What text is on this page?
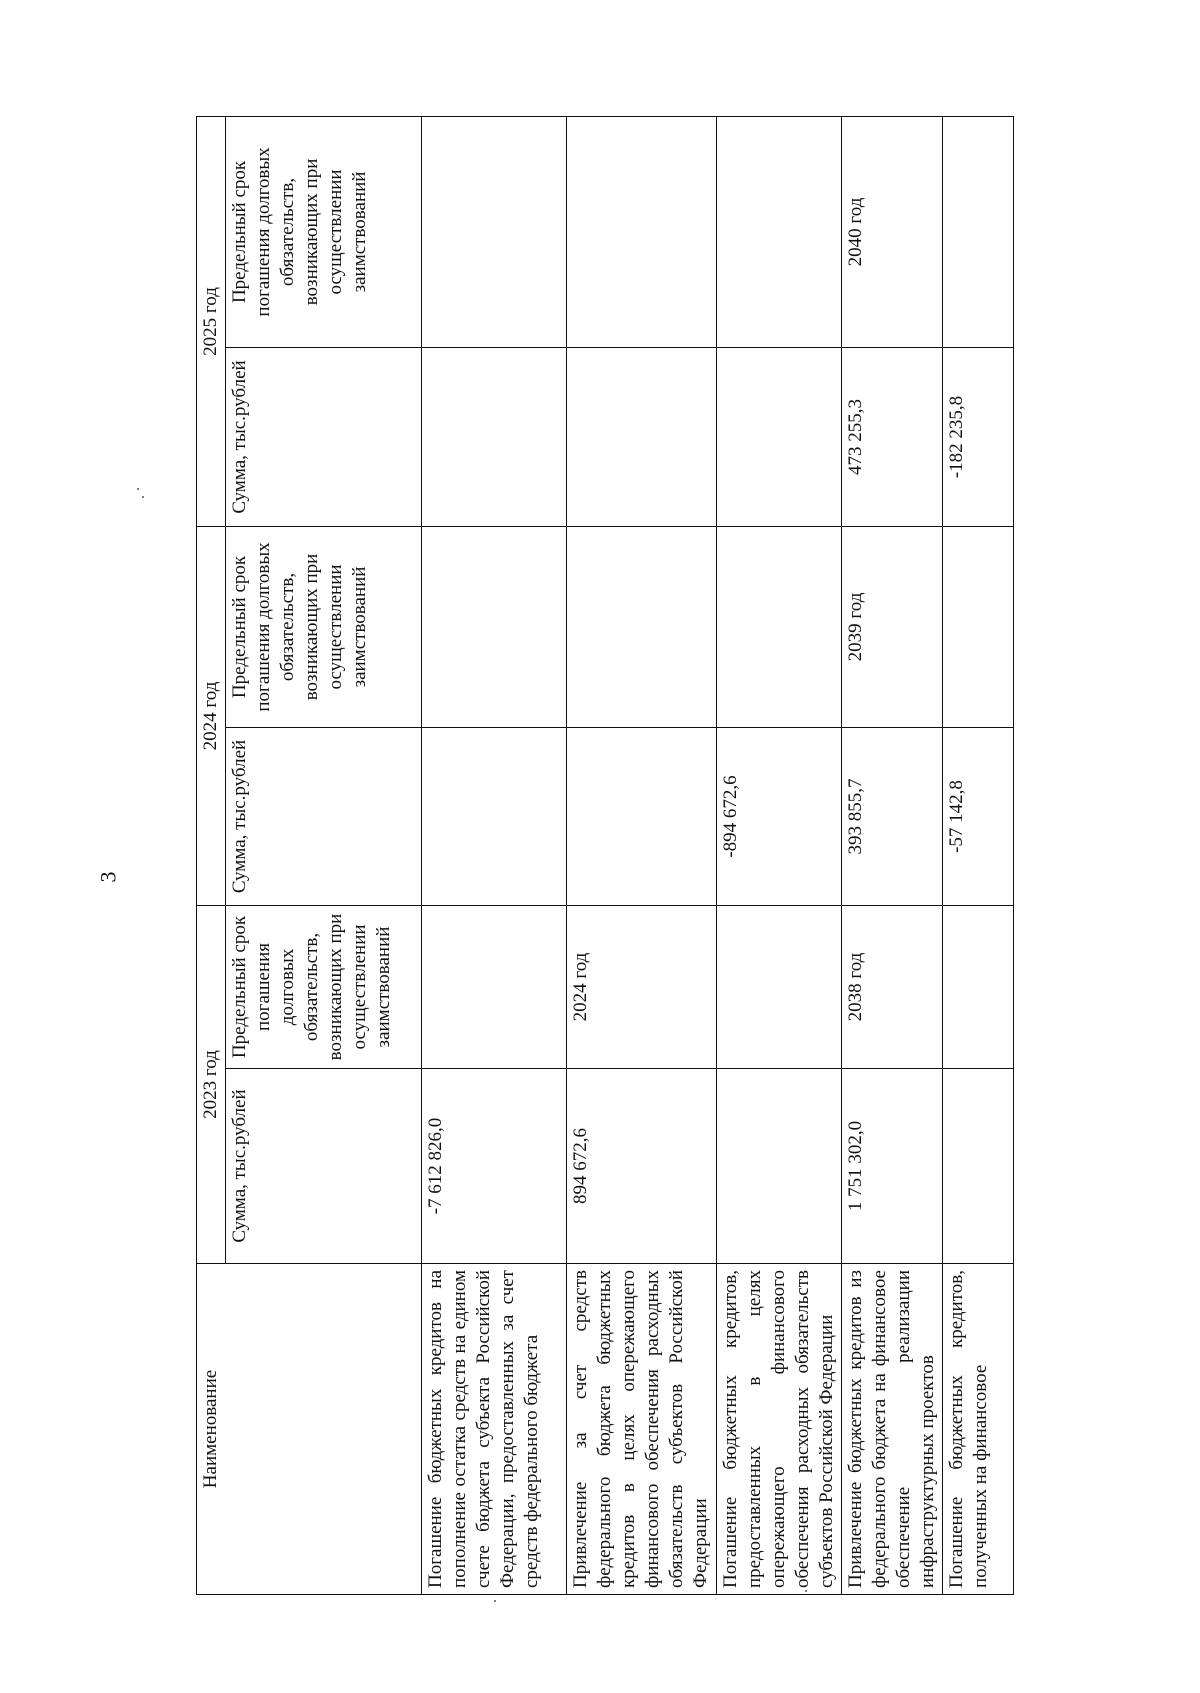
3
.
.
.
·
Наименование	2023 год		2024 год		2025 год	
	Сумма, тыс.рублей	Предельный срок погашения долговых обязательств, возникающих при осуществлении заимствований	Сумма, тыс.рублей	Предельный срок погашения долговых обязательств, возникающих при осуществлении заимствований	Сумма, тыс.рублей	Предельный срок погашения долговых обязательств, возникающих при осуществлении заимствований
Погашение бюджетных кредитов на пополнение остатка средств на едином счете бюджета субъекта Российской Федерации, предоставленных за счет средств федерального бюджета	-7 612 826,0					
Привлечение за счет средств федерального бюджета бюджетных кредитов в целях опережающего финансового обеспечения расходных обязательств субъектов Российской Федерации	894 672,6	2024 год				
Погашение бюджетных кредитов, предоставленных в целях опережающего финансового обеспечения расходных обязательств субъектов Российской Федерации			-894 672,6			
Привлечение бюджетных кредитов из федерального бюджета на финансовое обеспечение реализации инфраструктурных проектов	1 751 302,0	2038 год	393 855,7	2039 год	473 255,3	2040 год
Погашение бюджетных кредитов, полученных на финансовое			-57 142,8		-182 235,8	
